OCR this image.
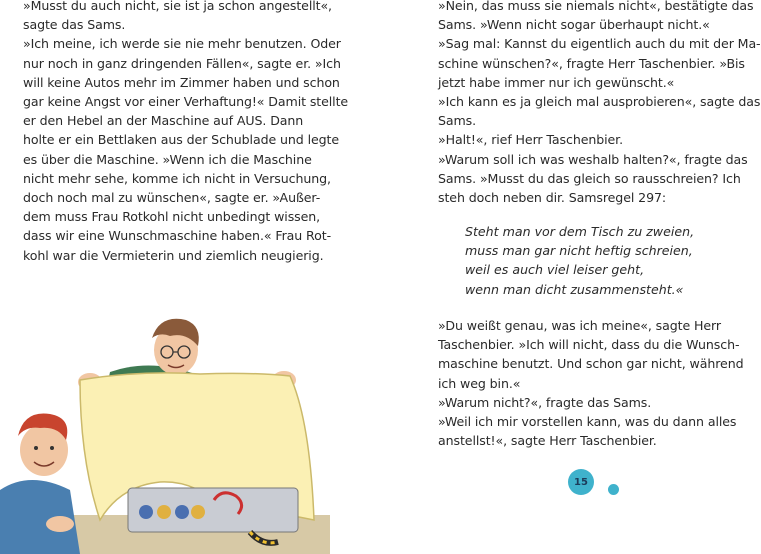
»Musst du auch nicht, sie ist ja schon angestellt«,
sagte das Sams.
»Ich meine, ich werde sie nie mehr benutzen. Oder
nur noch in ganz dringenden Fällen«, sagte er. »Ich
will keine Autos mehr im Zimmer haben und schon
gar keine Angst vor einer Verhaftung!« Damit stellte
er den Hebel an der Maschine auf AUS. Dann
holte er ein Bettlaken aus der Schublade und legte
es über die Maschine. »Wenn ich die Maschine
nicht mehr sehe, komme ich nicht in Versuchung,
doch noch mal zu wünschen«, sagte er. »Außer-
dem muss Frau Rotkohl nicht unbedingt wissen,
dass wir eine Wunschmaschine haben.« Frau Rot-
kohl war die Vermieterin und ziemlich neugierig.
»Nein, das muss sie niemals nicht«, bestätigte das
Sams. »Wenn nicht sogar überhaupt nicht.«
»Sag mal: Kannst du eigentlich auch du mit der Ma-
schine wünschen?«, fragte Herr Taschenbier. »Bis
jetzt habe immer nur ich gewünscht.«
»Ich kann es ja gleich mal ausprobieren«, sagte das
Sams.
»Halt!«, rief Herr Taschenbier.
»Warum soll ich was weshalb halten?«, fragte das
Sams. »Musst du das gleich so rausschreien? Ich
steh doch neben dir. Samsregel 297:
Steht man vor dem Tisch zu zweien,
muss man gar nicht heftig schreien,
weil es auch viel leiser geht,
wenn man dicht zusammensteht.«
»Du weißt genau, was ich meine«, sagte Herr
Taschenbier. »Ich will nicht, dass du die Wunsch-
maschine benutzt. Und schon gar nicht, während
ich weg bin.«
»Warum nicht?«, fragte das Sams.
»Weil ich mir vorstellen kann, was du dann alles
anstellst!«, sagte Herr Taschenbier.
15
